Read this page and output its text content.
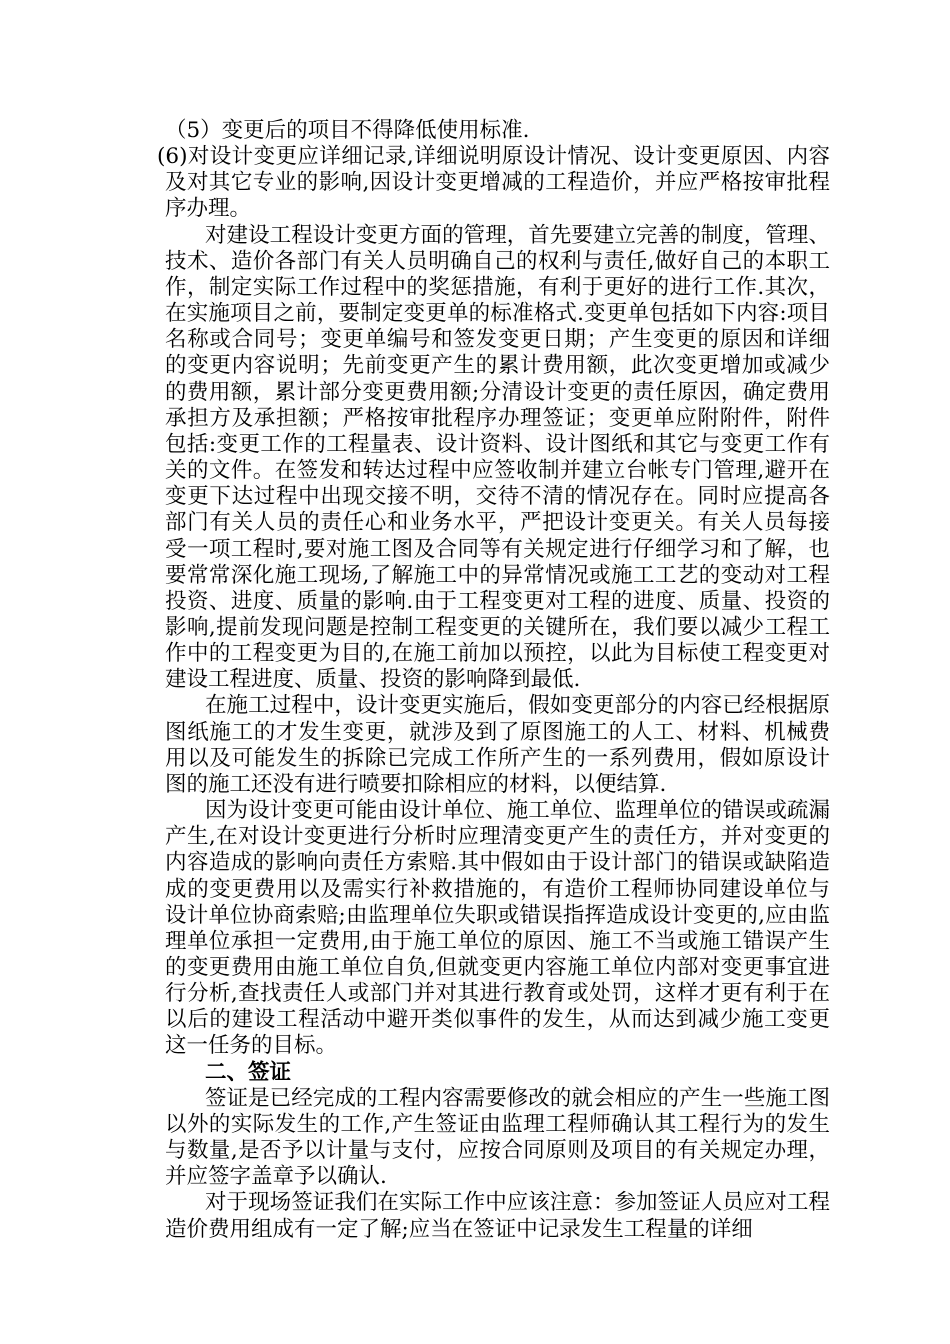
（5）变更后的项目不得降低使用标准.

(6)对设计变更应详细记录,详细说明原设计情况、设计变更原因、内容及对其它专业的影响,因设计变更增减的工程造价，并应严格按审批程序办理。

对建设工程设计变更方面的管理，首先要建立完善的制度，管理、技术、造价各部门有关人员明确自己的权利与责任,做好自己的本职工作，制定实际工作过程中的奖惩措施，有利于更好的进行工作.其次，在实施项目之前，要制定变更单的标准格式.变更单包括如下内容:项目名称或合同号；变更单编号和签发变更日期；产生变更的原因和详细的变更内容说明；先前变更产生的累计费用额，此次变更增加或减少的费用额，累计部分变更费用额;分清设计变更的责任原因，确定费用承担方及承担额；严格按审批程序办理签证；变更单应附附件，附件包括:变更工作的工程量表、设计资料、设计图纸和其它与变更工作有关的文件。在签发和转达过程中应签收制并建立台帐专门管理,避开在变更下达过程中出现交接不明，交待不清的情况存在。同时应提高各部门有关人员的责任心和业务水平，严把设计变更关。有关人员每接受一项工程时,要对施工图及合同等有关规定进行仔细学习和了解，也要常常深化施工现场,了解施工中的异常情况或施工工艺的变动对工程投资、进度、质量的影响.由于工程变更对工程的进度、质量、投资的影响,提前发现问题是控制工程变更的关键所在，我们要以减少工程工作中的工程变更为目的,在施工前加以预控，以此为目标使工程变更对建设工程进度、质量、投资的影响降到最低.

在施工过程中，设计变更实施后，假如变更部分的内容已经根据原图纸施工的才发生变更，就涉及到了原图施工的人工、材料、机械费用以及可能发生的拆除已完成工作所产生的一系列费用，假如原设计图的施工还没有进行喷要扣除相应的材料，以便结算.

因为设计变更可能由设计单位、施工单位、监理单位的错误或疏漏产生,在对设计变更进行分析时应理清变更产生的责任方，并对变更的内容造成的影响向责任方索赔.其中假如由于设计部门的错误或缺陷造成的变更费用以及需实行补救措施的，有造价工程师协同建设单位与设计单位协商索赔;由监理单位失职或错误指挥造成设计变更的,应由监理单位承担一定费用,由于施工单位的原因、施工不当或施工错误产生的变更费用由施工单位自负,但就变更内容施工单位内部对变更事宜进行分析,查找责任人或部门并对其进行教育或处罚，这样才更有利于在以后的建设工程活动中避开类似事件的发生，从而达到减少施工变更这一任务的目标。

二、签证

签证是已经完成的工程内容需要修改的就会相应的产生一些施工图以外的实际发生的工作,产生签证由监理工程师确认其工程行为的发生与数量,是否予以计量与支付，应按合同原则及项目的有关规定办理，并应签字盖章予以确认.

对于现场签证我们在实际工作中应该注意：参加签证人员应对工程造价费用组成有一定了解;应当在签证中记录发生工程量的详细
